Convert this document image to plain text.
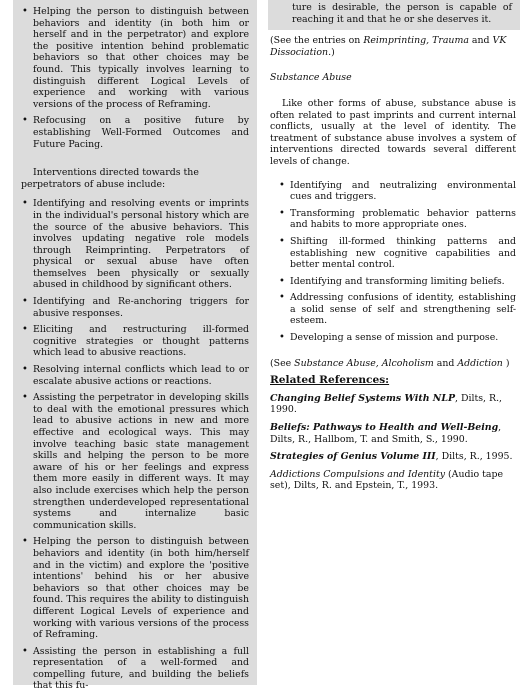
• Helping the person to distinguish between behaviors and identity (in both him or herself and in the perpetrator) and explore the positive intention behind problematic behaviors so that other choices may be found. This typically involves learning to distinguish different Logical Levels of experience and working with various versions of the process of Reframing.
• Refocusing on a positive future by establishing Well-Formed Outcomes and Future Pacing.

Interventions directed towards the perpetrators of abuse include:

• Identifying and resolving events or imprints in the individual's personal history which are the source of the abusive behaviors. This involves updating negative role models through Reimprinting. Perpetrators of physical or sexual abuse have often themselves been physically or sexually abused in childhood by significant others.
• Identifying and Re-anchoring triggers for abusive responses.
• Eliciting and restructuring ill-formed cognitive strategies or thought patterns which lead to abusive reactions.
• Resolving internal conflicts which lead to or escalate abusive actions or reactions.
• Assisting the perpetrator in developing skills to deal with the emotional pressures which lead to abusive actions in new and more effective and ecological ways. This may involve teaching basic state management skills and helping the person to be more aware of his or her feelings and express them more easily in different ways. It may also include exercises which help the person strengthen underdeveloped representational systems and internalize basic communication skills.
• Helping the person to distinguish between behaviors and identity (in both him/herself and in the victim) and explore the 'positive intentions' behind his or her abusive behaviors so that other choices may be found. This requires the ability to distinguish different Logical Levels of experience and working with various versions of the process of Reframing.
• Assisting the person in establishing a full representation of a well-formed and compelling future, and building the beliefs that this fu-

ture is desirable, the person is capable of reaching it and that he or she deserves it.

(See the entries on Reimprinting, Trauma and VK Dissociation.)

Substance Abuse

Like other forms of abuse, substance abuse is often related to past imprints and current internal conflicts, usually at the level of identity. The treatment of substance abuse involves a system of interventions directed towards several different levels of change.

• Identifying and neutralizing environmental cues and triggers.
• Transforming problematic behavior patterns and habits to more appropriate ones.
• Shifting ill-formed thinking patterns and establishing new cognitive capabilities and better mental control.
• Identifying and transforming limiting beliefs.
• Addressing confusions of identity, establishing a solid sense of self and strengthening self-esteem.
• Developing a sense of mission and purpose.

(See Substance Abuse, Alcoholism and Addiction )

Related References:

Changing Belief Systems With NLP, Dilts, R., 1990.

Beliefs: Pathways to Health and Well-Being, Dilts, R., Hallbom, T. and Smith, S., 1990.

Strategies of Genius Volume III, Dilts, R., 1995.

Addictions Compulsions and Identity (Audio tape set), Dilts, R. and Epstein, T., 1993.
